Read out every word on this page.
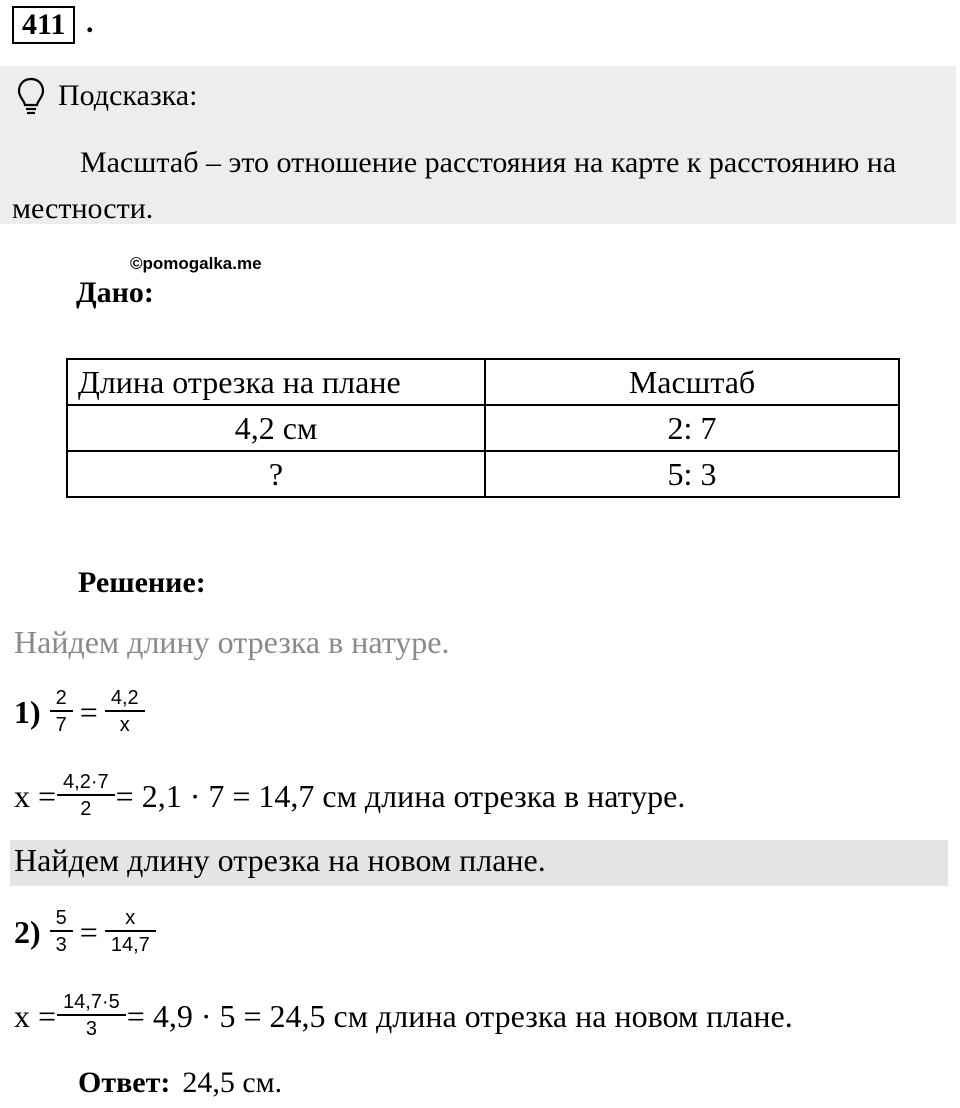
411 .
Подсказка:
Масштаб – это отношение расстояния на карте к расстоянию на местности.
©pomogalka.me
Дано:
Длина отрезка на плане	Масштаб
4,2 см	2: 7
?	5: 3
Решение:
Найдем длину отрезка в натуре.
$1) \frac{2}{7} = \frac{4,2}{x}$
$x = \frac{4,2\cdot 7}{2} = 2,1 \cdot 7 = 14,7$ см длина отрезка в натуре.
Найдем длину отрезка на новом плане.
$2) \frac{5}{3} = \frac{x}{14,7}$
$x = \frac{14,7\cdot 5}{3} = 4,9 \cdot 5 = 24,5$ см длина отрезка на новом плане.
Ответ: 24,5 см.
